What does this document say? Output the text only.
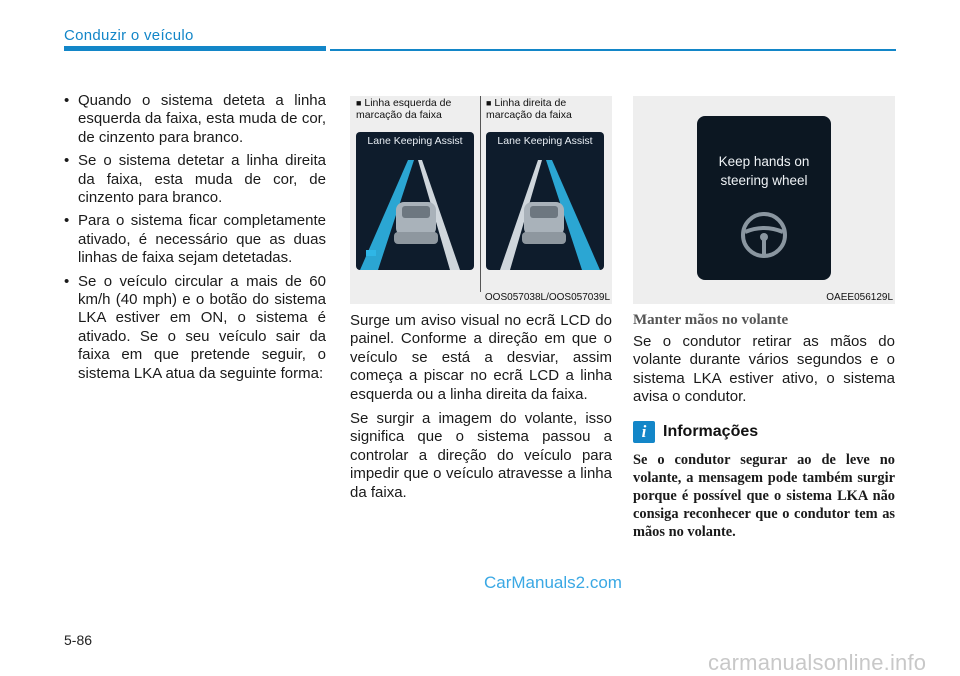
Conduzir o veículo
• Quando o sistema deteta a linha esquerda da faixa, esta muda de cor, de cinzento para branco.
• Se o sistema detetar a linha direita da faixa, esta muda de cor, de cinzento para branco.
• Para o sistema ficar completamente ativado, é necessário que as duas linhas de faixa sejam detetadas.
• Se o veículo circular a mais de 60 km/h (40 mph) e o botão do sistema LKA estiver em ON, o sistema é ativado. Se o seu veículo sair da faixa em que pretende seguir, o sistema LKA atua da seguinte forma:
■ Linha esquerda de marcação da faixa
■ Linha direita de marcação da faixa
Lane Keeping Assist	Lane Keeping Assist
OOS057038L/OOS057039L

Surge um aviso visual no ecrã LCD do painel. Conforme a direção em que o veículo se está a desviar, assim começa a piscar no ecrã LCD a linha esquerda ou a linha direita da faixa.

Se surgir a imagem do volante, isso significa que o sistema passou a controlar a direção do veículo para impedir que o veículo atravesse a linha da faixa.

Keep hands on
steering wheel
OAEE056129L
Manter mãos no volante

Se o condutor retirar as mãos do volante durante vários segundos e o sistema LKA estiver ativo, o sistema avisa o condutor.

i	Informações

Se o condutor segurar ao de leve no volante, a mensagem pode também surgir porque é possível que o sistema LKA não consiga reconhecer que o condutor tem as mãos no volante.

CarManuals2.com
5-86
carmanualsonline.info
